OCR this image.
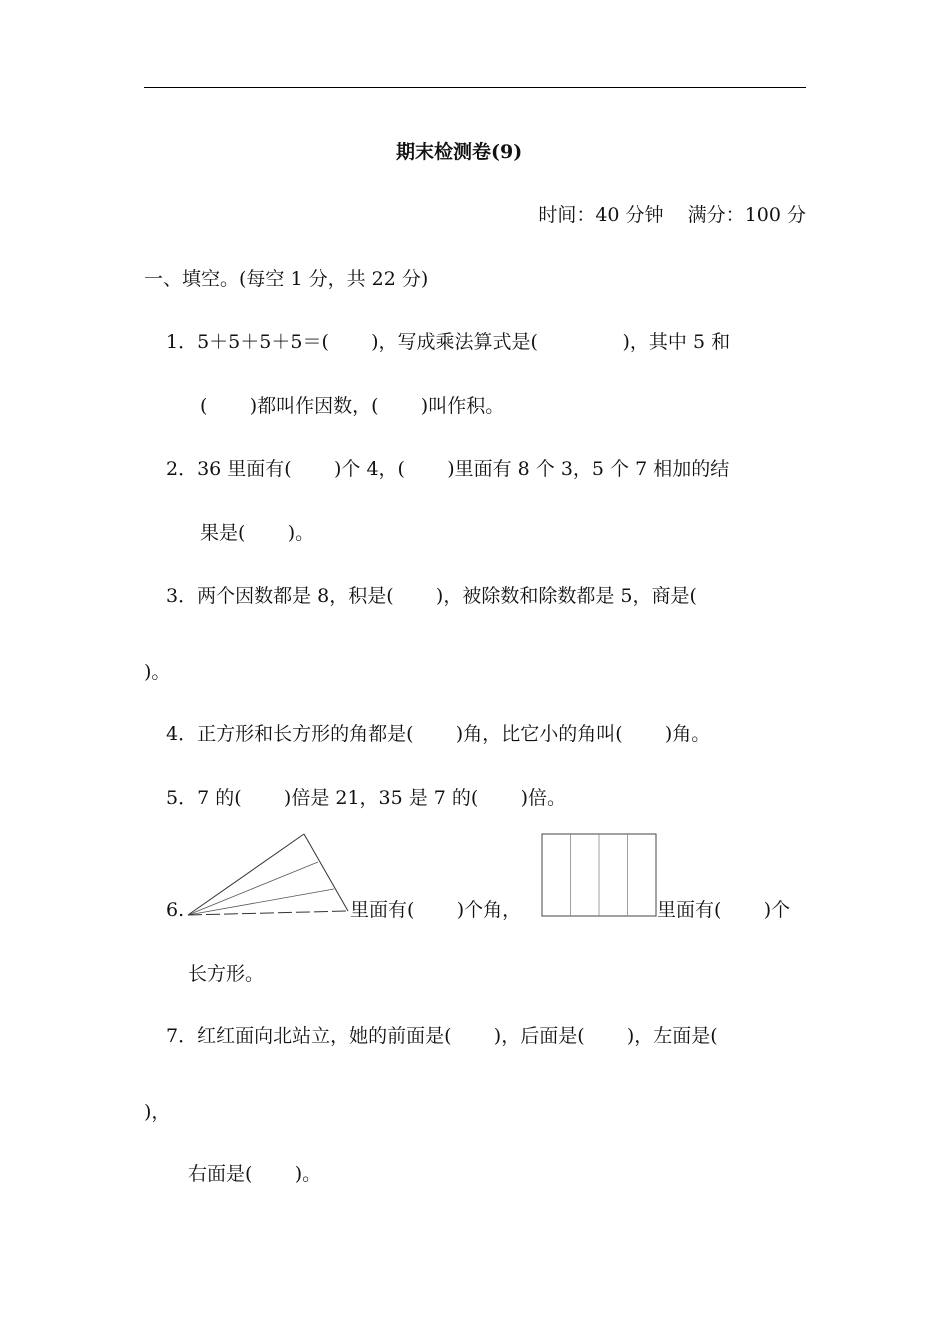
期末检测卷(9)
时间：40 分钟    满分：100 分
一、填空。(每空 1 分，共 22 分)
1．5＋5＋5＋5＝(       )，写成乘法算式是(              )，其中 5 和
(       )都叫作因数，(       )叫作积。
2．36 里面有(       )个 4，(       )里面有 8 个 3，5 个 7 相加的结
果是(       )。
3．两个因数都是 8，积是(       )，被除数和除数都是 5，商是(
)。
4．正方形和长方形的角都是(       )角，比它小的角叫(       )角。
5．7 的(       )倍是 21，35 是 7 的(       )倍。
6.	里面有(       )个角，	里面有(       )个
长方形。
7．红红面向北站立，她的前面是(       )，后面是(       )，左面是(
)，
右面是(       )。
